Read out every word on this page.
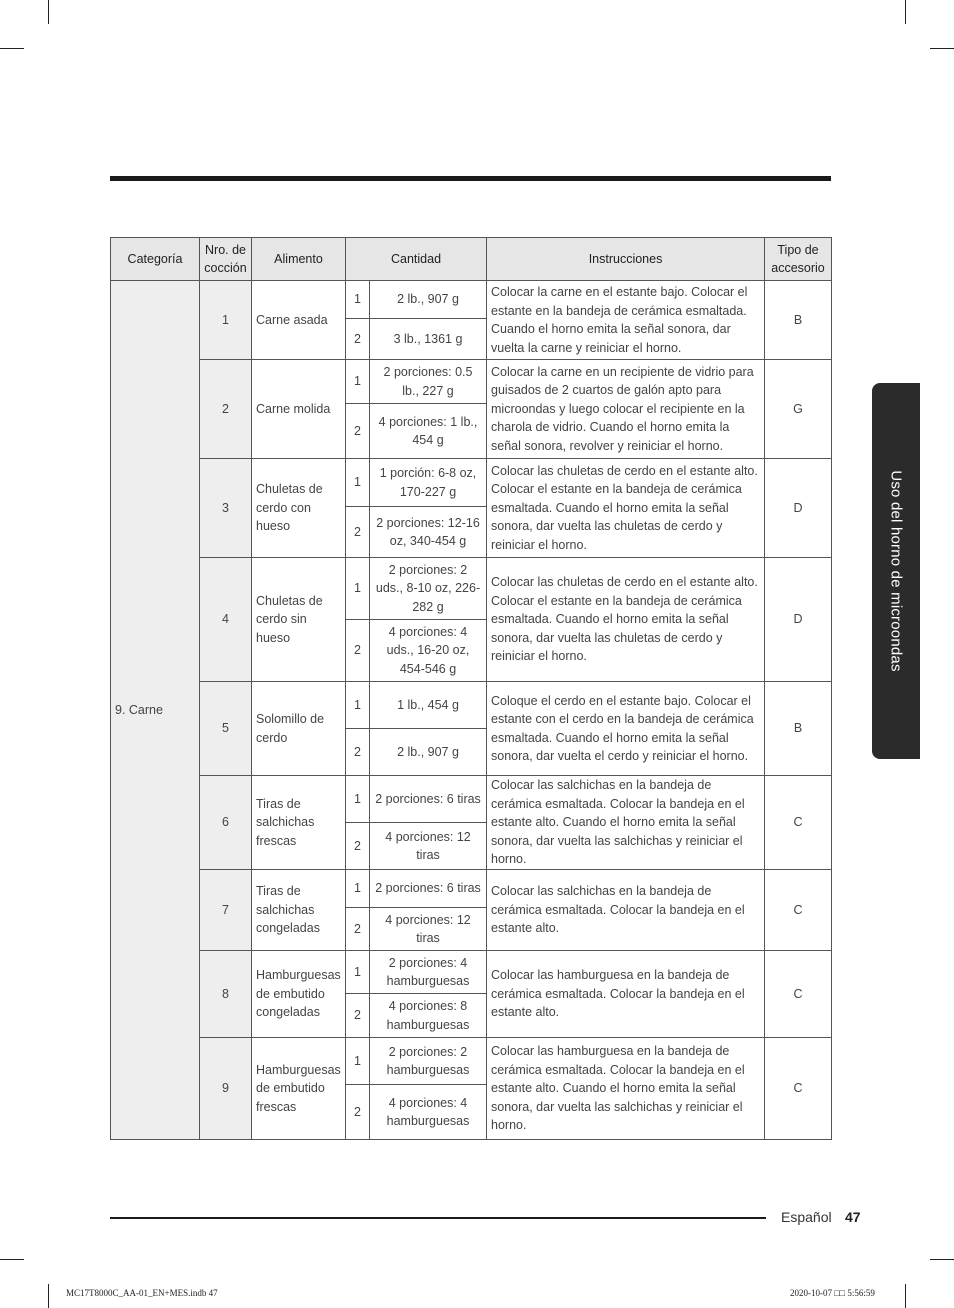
Categoría	Nro. de cocción	Alimento	Cantidad		Instrucciones	Tipo de accesorio
9. Carne	1	Carne asada	1	2 lb., 907 g	Colocar la carne en el estante bajo. Colocar el estante en la bandeja de cerámica esmaltada. Cuando el horno emita la señal sonora, dar vuelta la carne y reiniciar el horno.	B
			2	3 lb., 1361 g		
	2	Carne molida	1	2 porciones: 0.5 lb., 227 g	Colocar la carne en un recipiente de vidrio para guisados de 2 cuartos de galón apto para microondas y luego colocar el recipiente en la charola de vidrio. Cuando el horno emita la señal sonora, revolver y reiniciar el horno.	G
			2	4 porciones: 1 lb., 454 g		
	3	Chuletas de cerdo con hueso	1	1 porción: 6-8 oz, 170-227 g	Colocar las chuletas de cerdo en el estante alto. Colocar el estante en la bandeja de cerámica esmaltada. Cuando el horno emita la señal sonora, dar vuelta las chuletas de cerdo y reiniciar el horno.	D
			2	2 porciones: 12-16 oz, 340-454 g		
	4	Chuletas de cerdo sin hueso	1	2 porciones: 2 uds., 8-10 oz, 226-282 g	Colocar las chuletas de cerdo en el estante alto. Colocar el estante en la bandeja de cerámica esmaltada. Cuando el horno emita la señal sonora, dar vuelta las chuletas de cerdo y reiniciar el horno.	D
			2	4 porciones: 4 uds., 16-20 oz, 454-546 g		
	5	Solomillo de cerdo	1	1 lb., 454 g	Coloque el cerdo en el estante bajo. Colocar el estante con el cerdo en la bandeja de cerámica esmaltada. Cuando el horno emita la señal sonora, dar vuelta el cerdo y reiniciar el horno.	B
			2	2 lb., 907 g		
	6	Tiras de salchichas frescas	1	2 porciones: 6 tiras	Colocar las salchichas en la bandeja de cerámica esmaltada. Colocar la bandeja en el estante alto. Cuando el horno emita la señal sonora, dar vuelta las salchichas y reiniciar el horno.	C
			2	4 porciones: 12 tiras		
	7	Tiras de salchichas congeladas	1	2 porciones: 6 tiras	Colocar las salchichas en la bandeja de cerámica esmaltada. Colocar la bandeja en el estante alto.	C
			2	4 porciones: 12 tiras		
	8	Hamburguesas de embutido congeladas	1	2 porciones: 4 hamburguesas	Colocar las hamburguesa en la bandeja de cerámica esmaltada. Colocar la bandeja en el estante alto.	C
			2	4 porciones: 8 hamburguesas		
	9	Hamburguesas de embutido frescas	1	2 porciones: 2 hamburguesas	Colocar las hamburguesa en la bandeja de cerámica esmaltada. Colocar la bandeja en el estante alto. Cuando el horno emita la señal sonora, dar vuelta las salchichas y reiniciar el horno.	C
			2	4 porciones: 4 hamburguesas		
Uso del horno de microondas
Español 47
MC17T8000C_AA-01_EN+MES.indb 47	2020-10-07 □□ 5:56:59
